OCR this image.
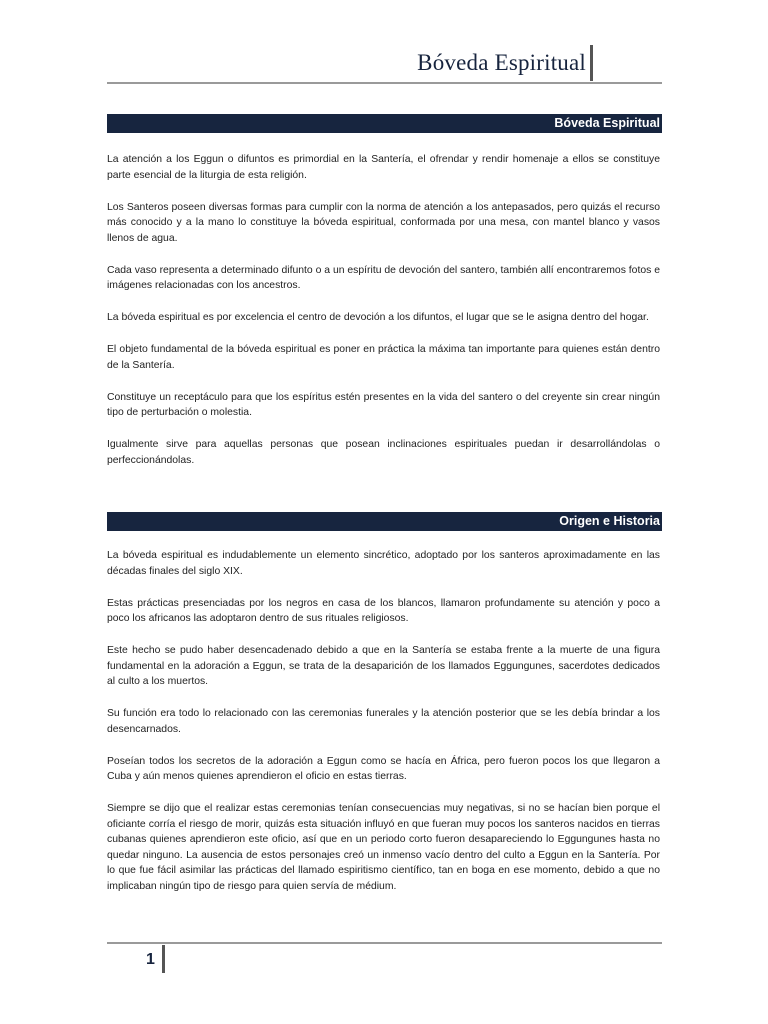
Bóveda Espiritual
Bóveda Espiritual

La atención a los Eggun o difuntos es primordial en la Santería, el ofrendar y rendir homenaje a ellos se constituye parte esencial de la liturgia de esta religión.

Los Santeros poseen diversas formas para cumplir con la norma de atención a los antepasados, pero quizás el recurso más conocido y a la mano lo constituye la bóveda espiritual, conformada por una mesa, con mantel blanco y vasos llenos de agua.

Cada vaso representa a determinado difunto o a un espíritu de devoción del santero, también allí encontraremos fotos e imágenes relacionadas con los ancestros.

La bóveda espiritual es por excelencia el centro de devoción a los difuntos, el lugar que se le asigna dentro del hogar.

El objeto fundamental de la bóveda espiritual es poner en práctica la máxima tan importante para quienes están dentro de la Santería.

Constituye un receptáculo para que los espíritus estén presentes en la vida del santero o del creyente sin crear ningún tipo de perturbación o molestia.

Igualmente sirve para aquellas personas que posean inclinaciones espirituales puedan ir desarrollándolas o perfeccionándolas.

Origen e Historia

La bóveda espiritual es indudablemente un elemento sincrético, adoptado por los santeros aproximadamente en las décadas finales del siglo XIX.

Estas prácticas presenciadas por los negros en casa de los blancos, llamaron profundamente su atención y poco a poco los africanos las adoptaron dentro de sus rituales religiosos.

Este hecho se pudo haber desencadenado debido a que en la Santería se estaba frente a la muerte de una figura fundamental en la adoración a Eggun, se trata de la desaparición de los llamados Eggungunes, sacerdotes dedicados al culto a los muertos.

Su función era todo lo relacionado con las ceremonias funerales y la atención posterior que se les debía brindar a los desencarnados.

Poseían todos los secretos de la adoración a Eggun como se hacía en África, pero fueron pocos los que llegaron a Cuba y aún menos quienes aprendieron el oficio en estas tierras.

Siempre se dijo que el realizar estas ceremonias tenían consecuencias muy negativas, si no se hacían bien porque el oficiante corría el riesgo de morir, quizás esta situación influyó en que fueran muy pocos los santeros nacidos en tierras cubanas quienes aprendieron este oficio, así que en un periodo corto fueron desapareciendo lo Eggungunes hasta no quedar ninguno. La ausencia de estos personajes creó un inmenso vacío dentro del culto a Eggun en la Santería. Por lo que fue fácil asimilar las prácticas del llamado espiritismo científico, tan en boga en ese momento, debido a que no implicaban ningún tipo de riesgo para quien servía de médium.

1
